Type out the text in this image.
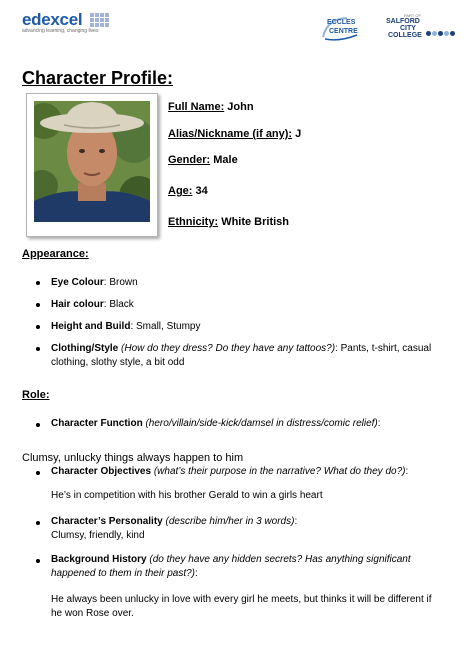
edexcel
advancing learning, changing lives
ECCLES
CENTRE
PART OF
SALFORD
CITY
COLLEGE
Character Profile:
Full Name: John
Alias/Nickname (if any): J
Gender: Male
Age: 34
Ethnicity: White British
Appearance:
Eye Colour: Brown
Hair colour: Black
Height and Build: Small, Stumpy
Clothing/Style (How do they dress? Do they have any tattoos?): Pants, t-shirt, casual
clothing, slothy style, a bit odd
Role:
Character Function (hero/villain/side-kick/damsel in distress/comic relief):
Clumsy, unlucky things always happen to him
Character Objectives (what’s their purpose in the narrative? What do they do?):
He’s in competition with his brother Gerald to win a girls heart
Character’s Personality (describe him/her in 3 words):
Clumsy, friendly, kind
Background History (do they have any hidden secrets? Has anything significant
happened to them in their past?):
He always been unlucky in love with every girl he meets, but thinks it will be different if
he won Rose over.
